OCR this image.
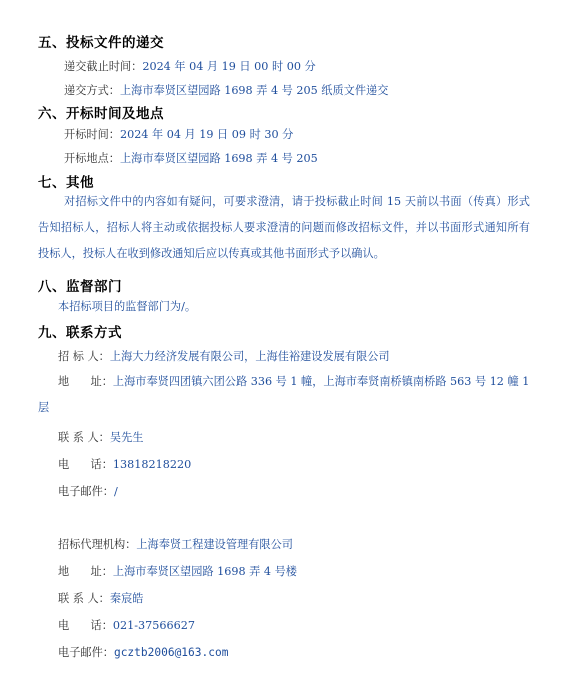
五、投标文件的递交
递交截止时间：2024 年 04 月 19 日 00 时 00 分
递交方式：上海市奉贤区望园路 1698 弄 4 号 205 纸质文件递交
六、开标时间及地点
开标时间：2024 年 04 月 19 日 09 时 30 分
开标地点：上海市奉贤区望园路 1698 弄 4 号 205
七、其他
对招标文件中的内容如有疑问，可要求澄清，请于投标截止时间 15 天前以书面（传真）形式告知招标人，招标人将主动或依据投标人要求澄清的问题而修改招标文件，并以书面形式通知所有投标人，投标人在收到修改通知后应以传真或其他书面形式予以确认。
八、监督部门
本招标项目的监督部门为/。
九、联系方式
招 标 人：上海大力经济发展有限公司，上海佳裕建设发展有限公司
地      址：上海市奉贤四团镇六团公路 336 号 1 幢，上海市奉贤南桥镇南桥路 563 号 12 幢 1 层
联 系 人：吴先生
电      话：13818218220
电子邮件：/
招标代理机构：上海奉贤工程建设管理有限公司
地      址：上海市奉贤区望园路 1698 弄 4 号楼
联 系 人：秦宸皓
电      话：021-37566627
电子邮件：gcztb2006@163.com
